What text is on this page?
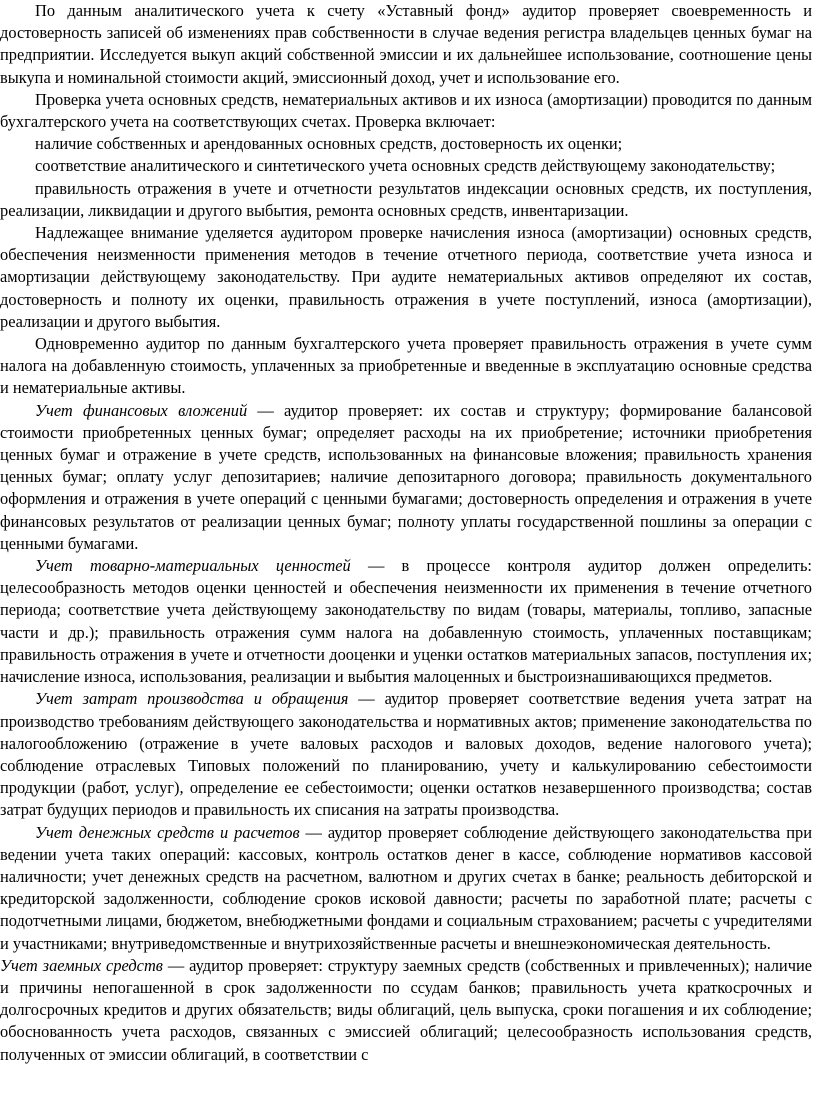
По данным аналитического учета к счету «Уставный фонд» аудитор проверяет своевременность и достоверность записей об изменениях прав собственности в случае ведения регистра владельцев ценных бумаг на предприятии. Исследуется выкуп акций собственной эмиссии и их дальнейшее использование, соотношение цены выкупа и номинальной стоимости акций, эмиссионный доход, учет и использование его.

Проверка учета основных средств, нематериальных активов и их износа (амортизации) проводится по данным бухгалтерского учета на соответствующих счетах. Проверка включает:

наличие собственных и арендованных основных средств, достоверность их оценки;

соответствие аналитического и синтетического учета основных средств действующему законодательству;

правильность отражения в учете и отчетности результатов индексации основных средств, их поступления, реализации, ликвидации и другого выбытия, ремонта основных средств, инвентаризации.

Надлежащее внимание уделяется аудитором проверке начисления износа (амортизации) основных средств, обеспечения неизменности применения методов в течение отчетного периода, соответствие учета износа и амортизации действующему законодательству. При аудите нематериальных активов определяют их состав, достоверность и полноту их оценки, правильность отражения в учете поступлений, износа (амортизации), реализации и другого выбытия.

Одновременно аудитор по данным бухгалтерского учета проверяет правильность отражения в учете сумм налога на добавленную стоимость, уплаченных за приобретенные и введенные в эксплуатацию основные средства и нематериальные активы.

Учет финансовых вложений — аудитор проверяет: их состав и структуру; формирование балансовой стоимости приобретенных ценных бумаг; определяет расходы на их приобретение; источники приобретения ценных бумаг и отражение в учете средств, использованных на финансовые вложения; правильность хранения ценных бумаг; оплату услуг депозитариев; наличие депозитарного договора; правильность документального оформления и отражения в учете операций с ценными бумагами; достоверность определения и отражения в учете финансовых результатов от реализации ценных бумаг; полноту уплаты государственной пошлины за операции с ценными бумагами.

Учет товарно-материальных ценностей — в процессе контроля аудитор должен определить: целесообразность методов оценки ценностей и обеспечения неизменности их применения в течение отчетного периода; соответствие учета действующему законодательству по видам (товары, материалы, топливо, запасные части и др.); правильность отражения сумм налога на добавленную стоимость, уплаченных поставщикам; правильность отражения в учете и отчетности дооценки и уценки остатков материальных запасов, поступления их; начисление износа, использования, реализации и выбытия малоценных и быстроизнашивающихся предметов.

Учет затрат производства и обращения — аудитор проверяет соответствие ведения учета затрат на производство требованиям действующего законодательства и нормативных актов; применение законодательства по налогообложению (отражение в учете валовых расходов и валовых доходов, ведение налогового учета); соблюдение отраслевых Типовых положений по планированию, учету и калькулированию себестоимости продукции (работ, услуг), определение ее себестоимости; оценки остатков незавершенного производства; состав затрат будущих периодов и правильность их списания на затраты производства.

Учет денежных средств и расчетов — аудитор проверяет соблюдение действующего законодательства при ведении учета таких операций: кассовых, контроль остатков денег в кассе, соблюдение нормативов кассовой наличности; учет денежных средств на расчетном, валютном и других счетах в банке; реальность дебиторской и кредиторской задолженности, соблюдение сроков исковой давности; расчеты по заработной плате; расчеты с подотчетными лицами, бюджетом, внебюджетными фондами и социальным страхованием; расчеты с учредителями и участниками; внутриведомственные и внутрихозяйственные расчеты и внешнеэкономическая деятельность.

Учет заемных средств — аудитор проверяет: структуру заемных средств (собственных и привлеченных); наличие и причины непогашенной в срок задолженности по ссудам банков; правильность учета краткосрочных и долгосрочных кредитов и других обязательств; виды облигаций, цель выпуска, сроки погашения и их соблюдение; обоснованность учета расходов, связанных с эмиссией облигаций; целесообразность использования средств, полученных от эмиссии облигаций, в соответствии с
